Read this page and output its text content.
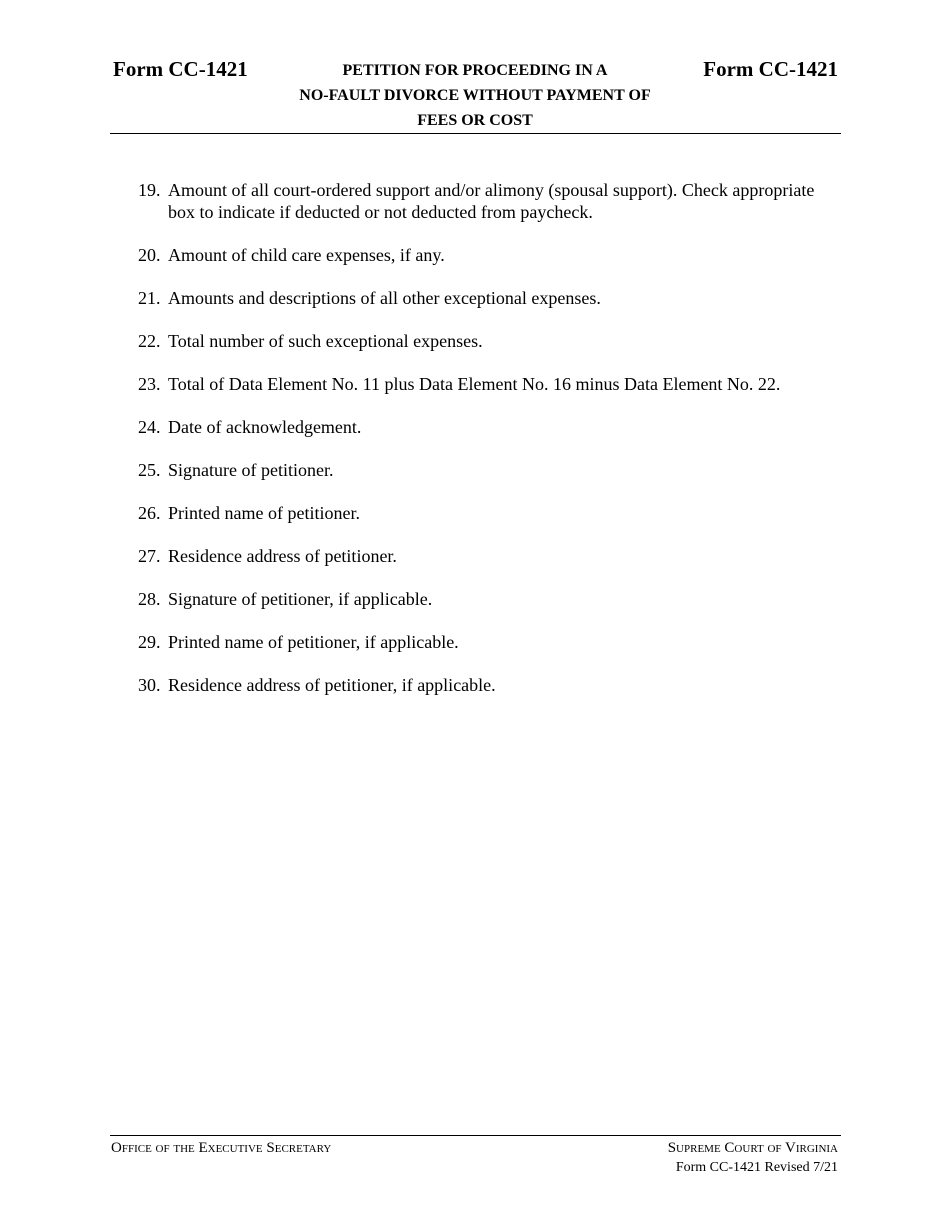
Form CC-1421	PETITION FOR PROCEEDING IN A
NO-FAULT DIVORCE WITHOUT PAYMENT OF
FEES OR COST
Form CC-1421
19. Amount of all court-ordered support and/or alimony (spousal support). Check appropriate box to indicate if deducted or not deducted from paycheck.
20. Amount of child care expenses, if any.
21. Amounts and descriptions of all other exceptional expenses.
22. Total number of such exceptional expenses.
23. Total of Data Element No. 11 plus Data Element No. 16 minus Data Element No. 22.
24. Date of acknowledgement.
25. Signature of petitioner.
26. Printed name of petitioner.
27. Residence address of petitioner.
28. Signature of petitioner, if applicable.
29. Printed name of petitioner, if applicable.
30. Residence address of petitioner, if applicable.
Office of the Executive Secretary	Supreme Court of Virginia
Form CC-1421 Revised 7/21
